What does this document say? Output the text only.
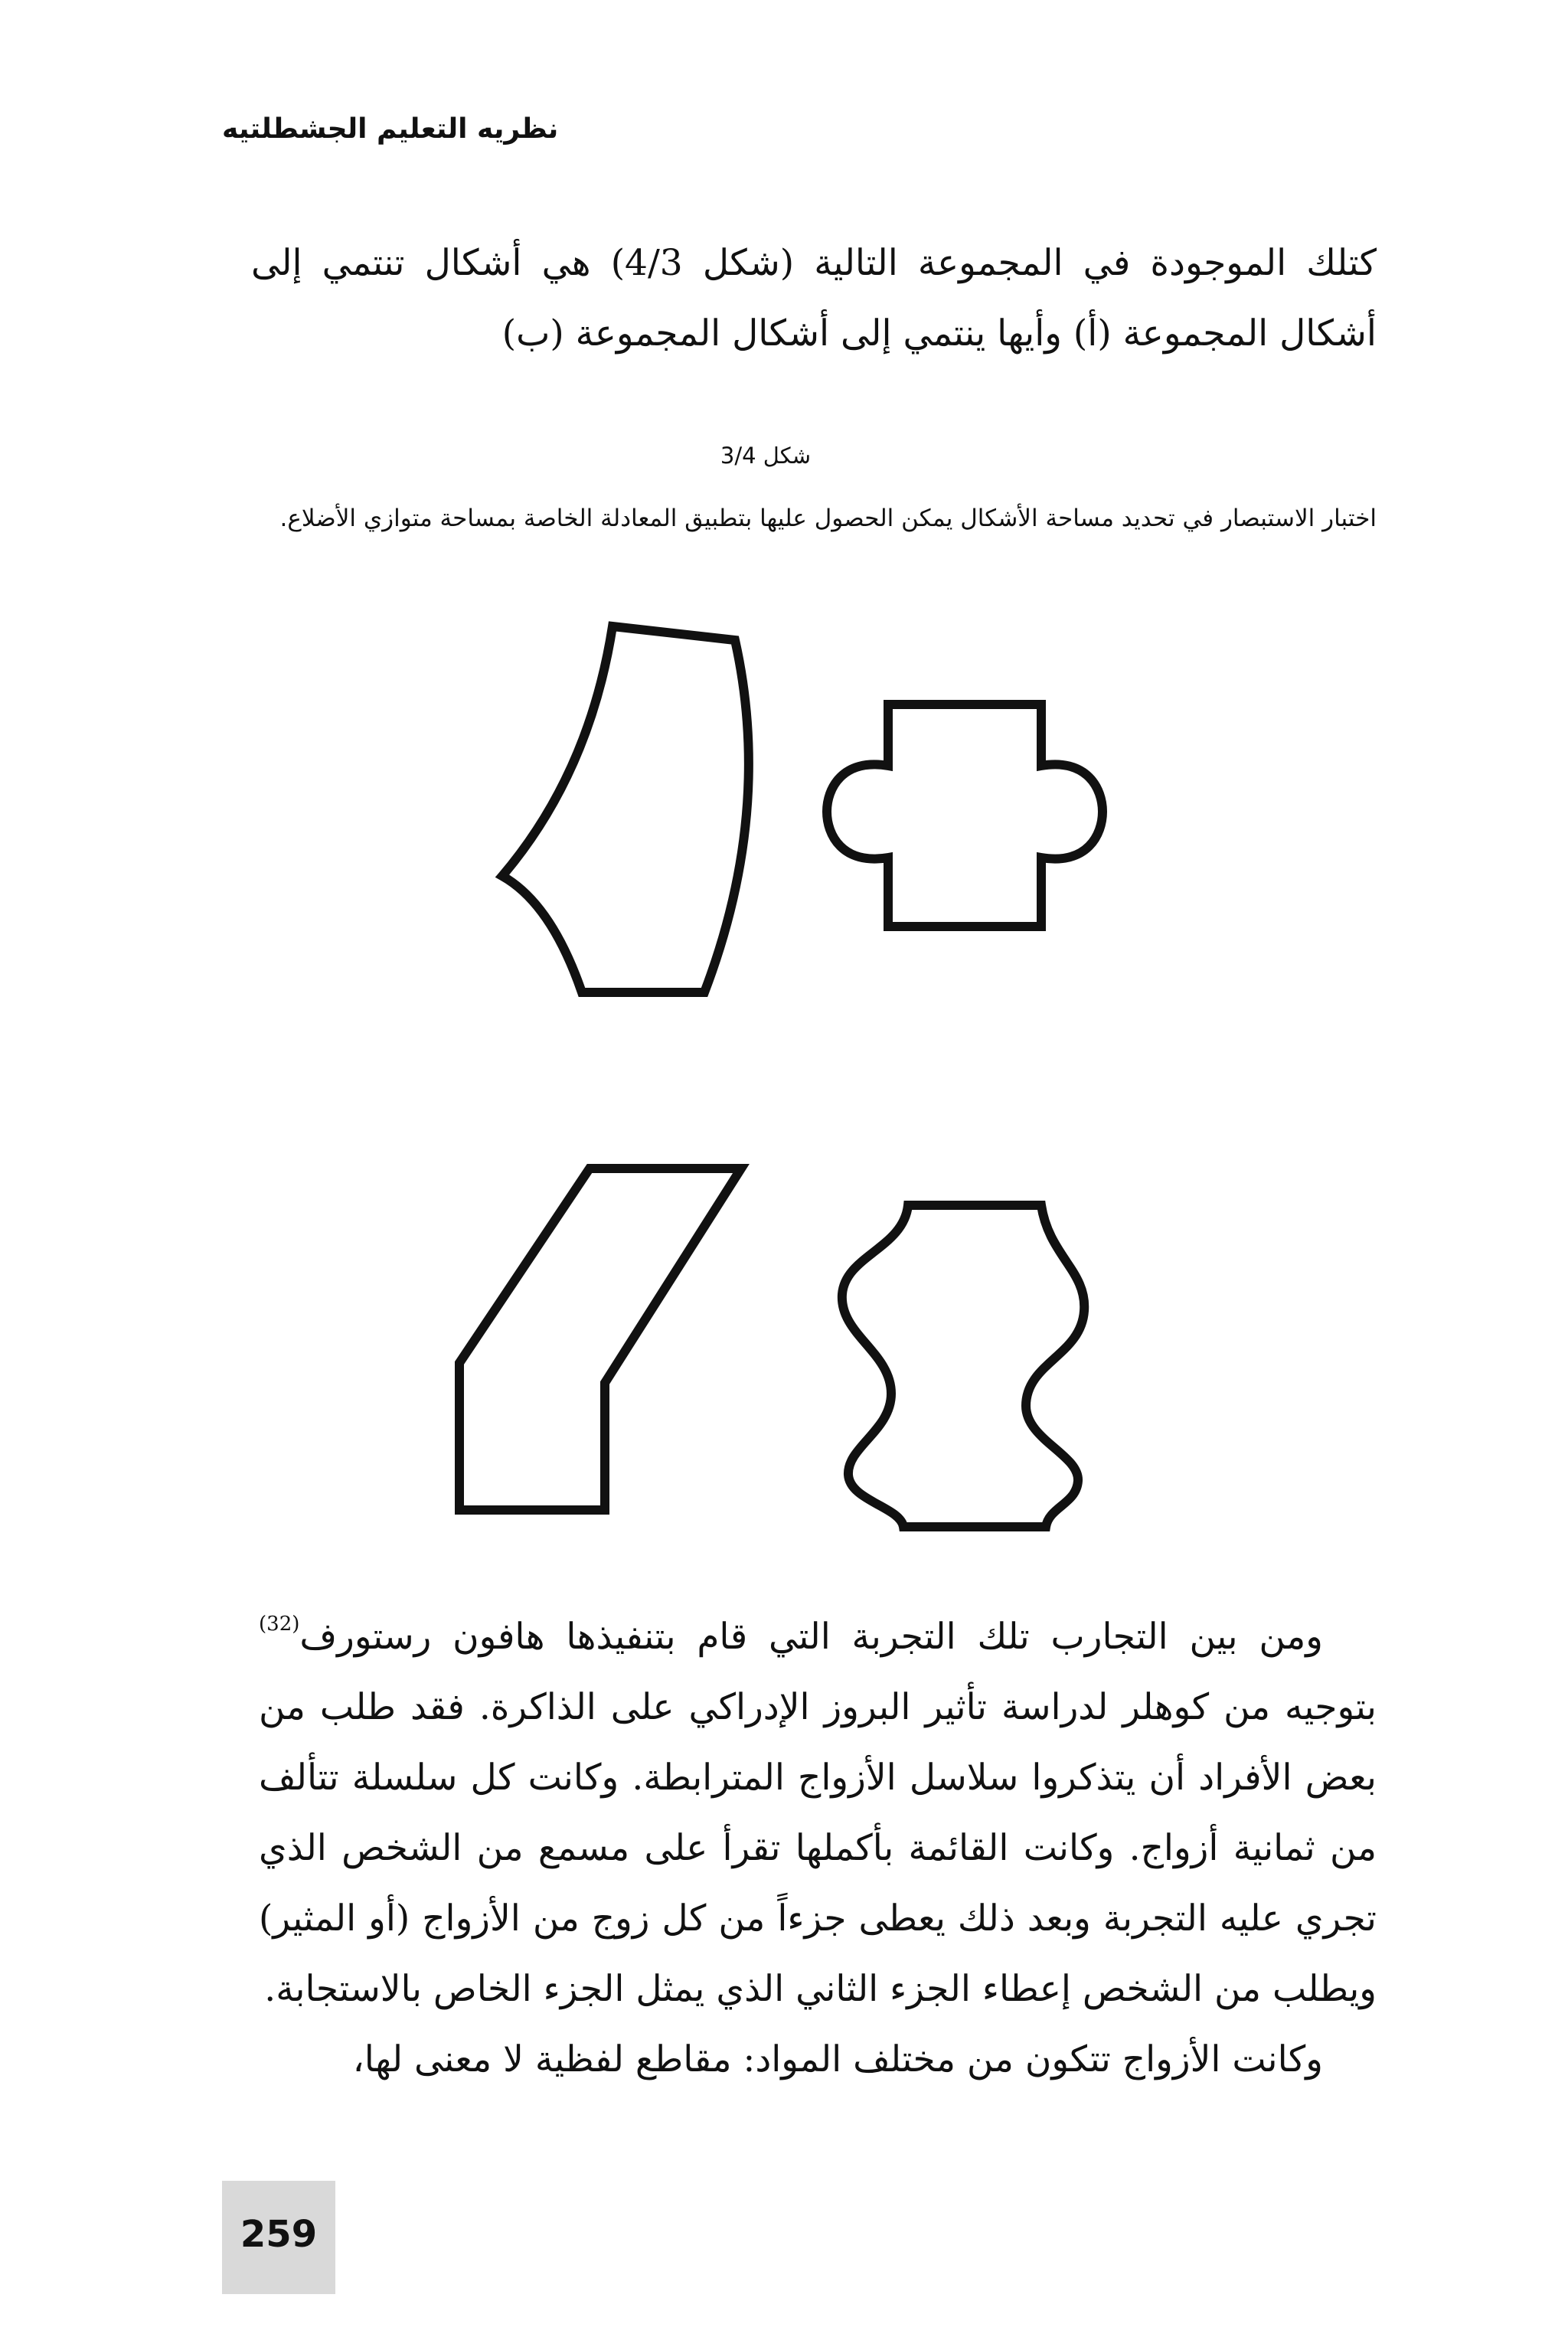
نظريه التعليم الجشطلتيه
كتلك الموجودة في المجموعة التالية (شكل 4/3) هي أشكال تنتمي إلى أشكال المجموعة (أ) وأيها ينتمي إلى أشكال المجموعة (ب)
شكل 3/4
اختبار الاستبصار في تحديد مساحة الأشكال يمكن الحصول عليها بتطبيق المعادلة الخاصة بمساحة متوازي الأضلاع.

ومن بين التجارب تلك التجربة التي قام بتنفيذها هافون رستورف$^{(32)}$ بتوجيه من كوهلر لدراسة تأثير البروز الإدراكي على الذاكرة. فقد طلب من بعض الأفراد أن يتذكروا سلاسل الأزواج المترابطة. وكانت كل سلسلة تتألف من ثمانية أزواج. وكانت القائمة بأكملها تقرأ على مسمع من الشخص الذي تجري عليه التجربة وبعد ذلك يعطى جزءاً من كل زوج من الأزواج (أو المثير) ويطلب من الشخص إعطاء الجزء الثاني الذي يمثل الجزء الخاص بالاستجابة.

وكانت الأزواج تتكون من مختلف المواد: مقاطع لفظية لا معنى لها،

259
